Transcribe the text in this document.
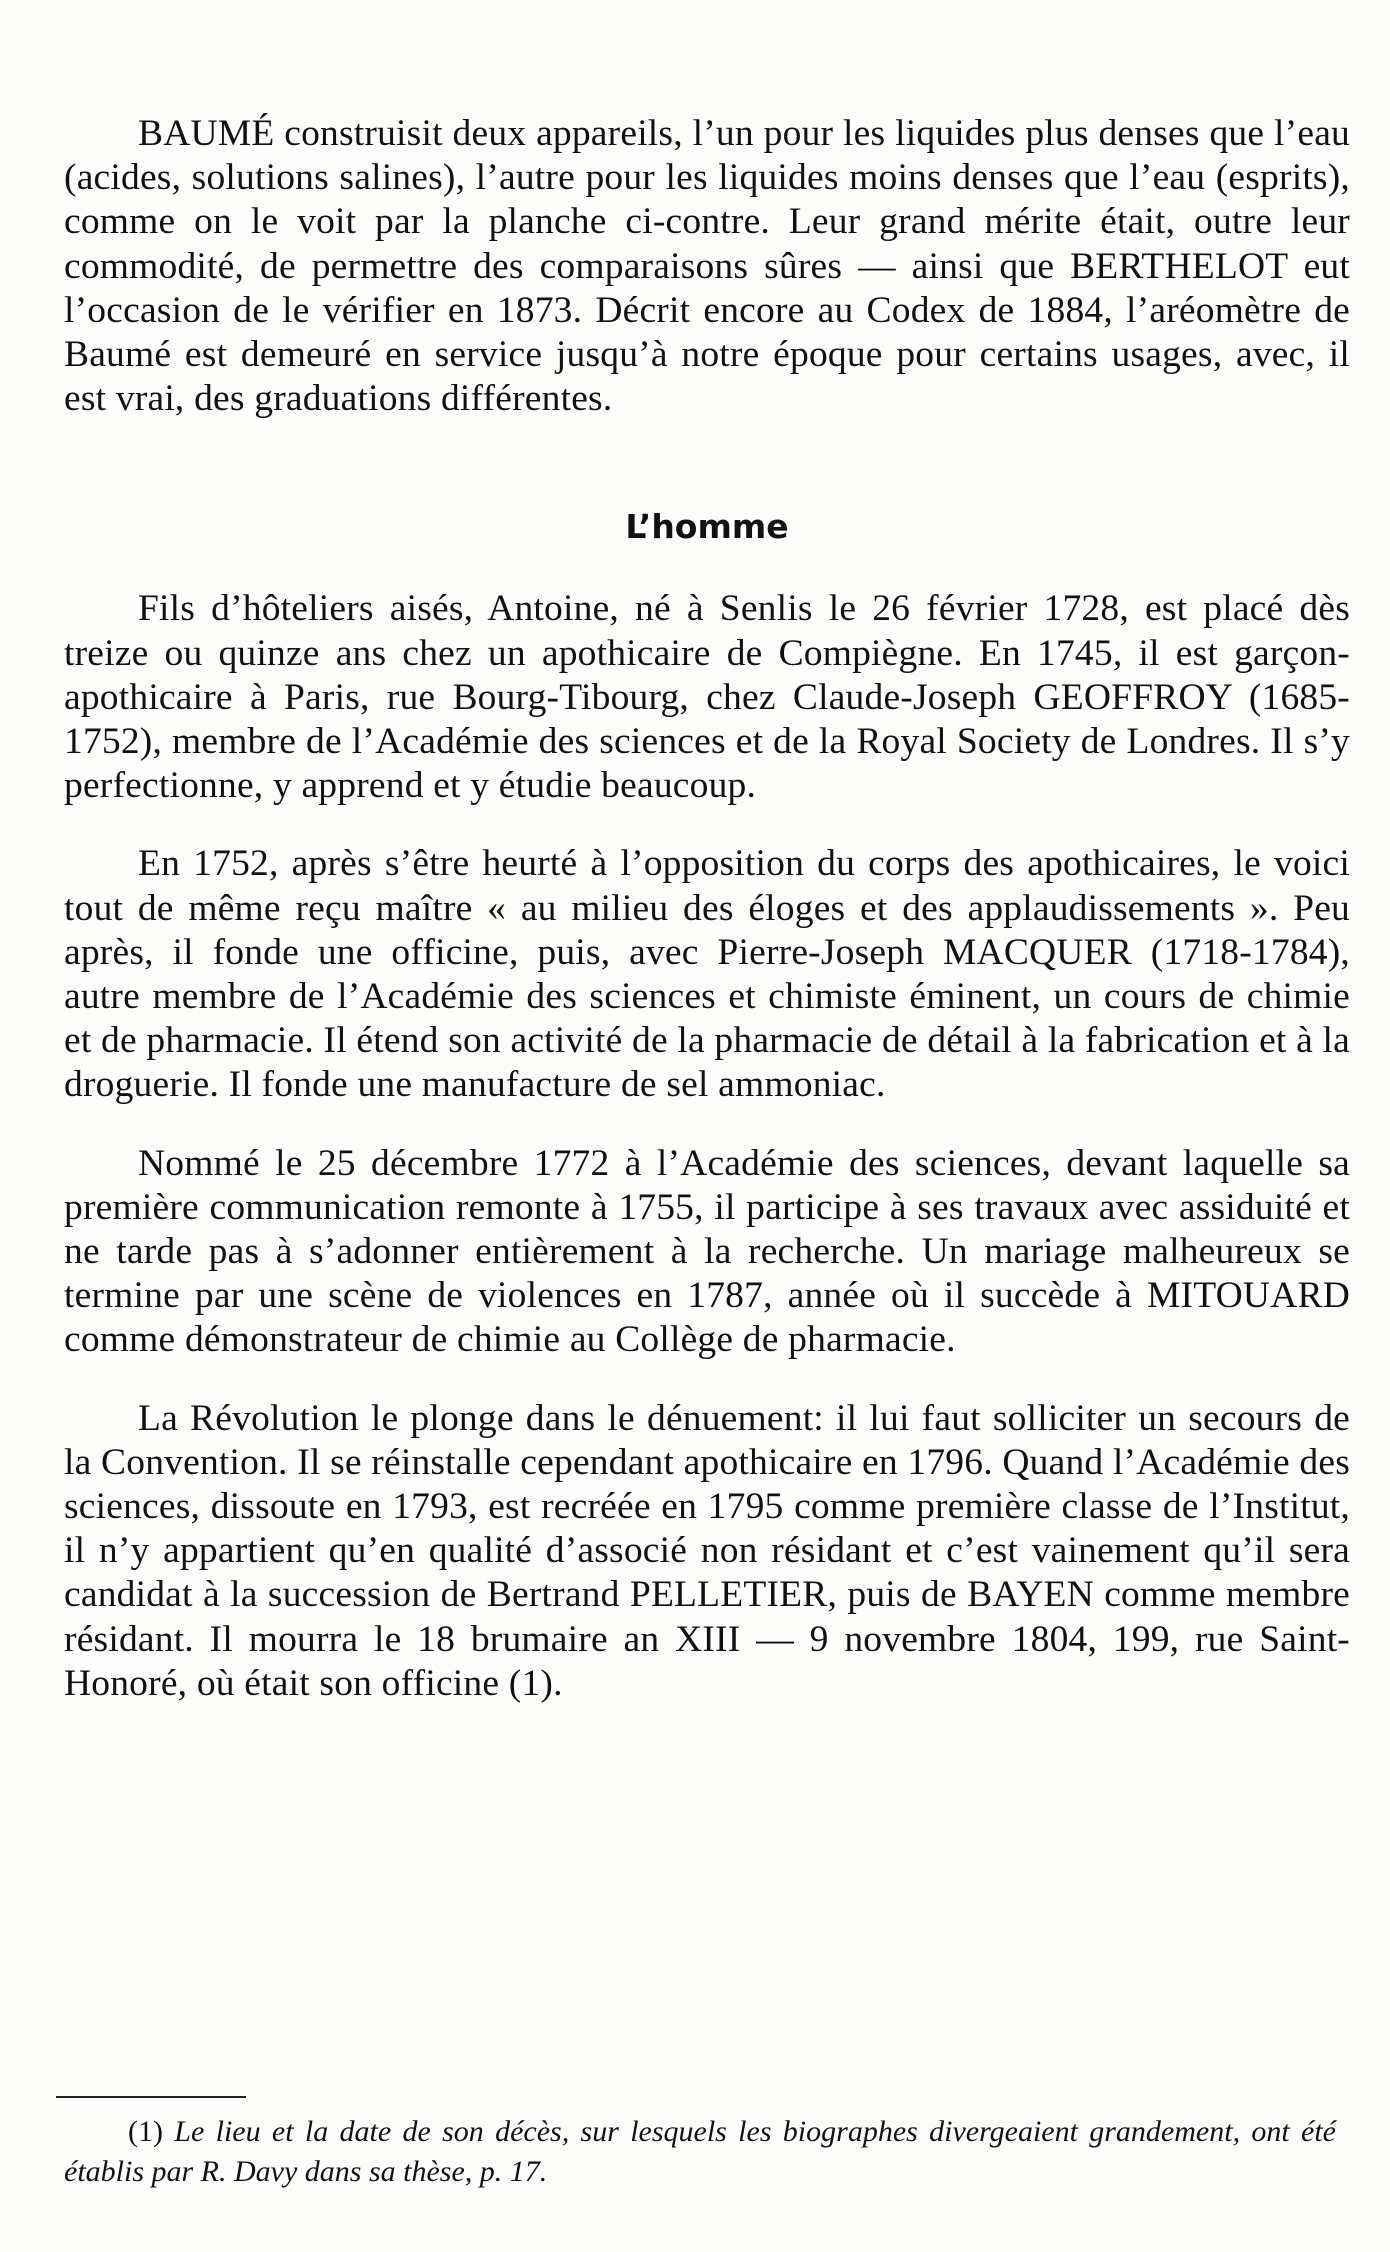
BAUMÉ construisit deux appareils, l’un pour les liquides plus denses que l’eau (acides, solutions salines), l’autre pour les liquides moins denses que l’eau (esprits), comme on le voit par la planche ci-contre. Leur grand mérite était, outre leur commodité, de permettre des comparaisons sûres — ainsi que BERTHELOT eut l’occasion de le vérifier en 1873. Décrit encore au Codex de 1884, l’aréomètre de Baumé est demeuré en service jusqu’à notre époque pour certains usages, avec, il est vrai, des graduations différentes.

L’homme

Fils d’hôteliers aisés, Antoine, né à Senlis le 26 février 1728, est placé dès treize ou quinze ans chez un apothicaire de Compiègne. En 1745, il est garçon-apothicaire à Paris, rue Bourg-Tibourg, chez Claude-Joseph GEOFFROY (1685-1752), membre de l’Académie des sciences et de la Royal Society de Londres. Il s’y perfectionne, y apprend et y étudie beaucoup.

En 1752, après s’être heurté à l’opposition du corps des apothicaires, le voici tout de même reçu maître « au milieu des éloges et des applaudissements ». Peu après, il fonde une officine, puis, avec Pierre-Joseph MACQUER (1718-1784), autre membre de l’Académie des sciences et chimiste éminent, un cours de chimie et de pharmacie. Il étend son activité de la pharmacie de détail à la fabrication et à la droguerie. Il fonde une manufacture de sel ammoniac.

Nommé le 25 décembre 1772 à l’Académie des sciences, devant laquelle sa première communication remonte à 1755, il participe à ses travaux avec assiduité et ne tarde pas à s’adonner entièrement à la recherche. Un mariage malheureux se termine par une scène de violences en 1787, année où il succède à MITOUARD comme démonstrateur de chimie au Collège de pharmacie.

La Révolution le plonge dans le dénuement: il lui faut solliciter un secours de la Convention. Il se réinstalle cependant apothicaire en 1796. Quand l’Académie des sciences, dissoute en 1793, est recréée en 1795 comme première classe de l’Institut, il n’y appartient qu’en qualité d’associé non résidant et c’est vainement qu’il sera candidat à la succession de Bertrand PELLETIER, puis de BAYEN comme membre résidant. Il mourra le 18 brumaire an XIII — 9 novembre 1804, 199, rue Saint-Honoré, où était son officine (1).

(1) Le lieu et la date de son décès, sur lesquels les biographes divergeaient grandement, ont été établis par R. Davy dans sa thèse, p. 17.
